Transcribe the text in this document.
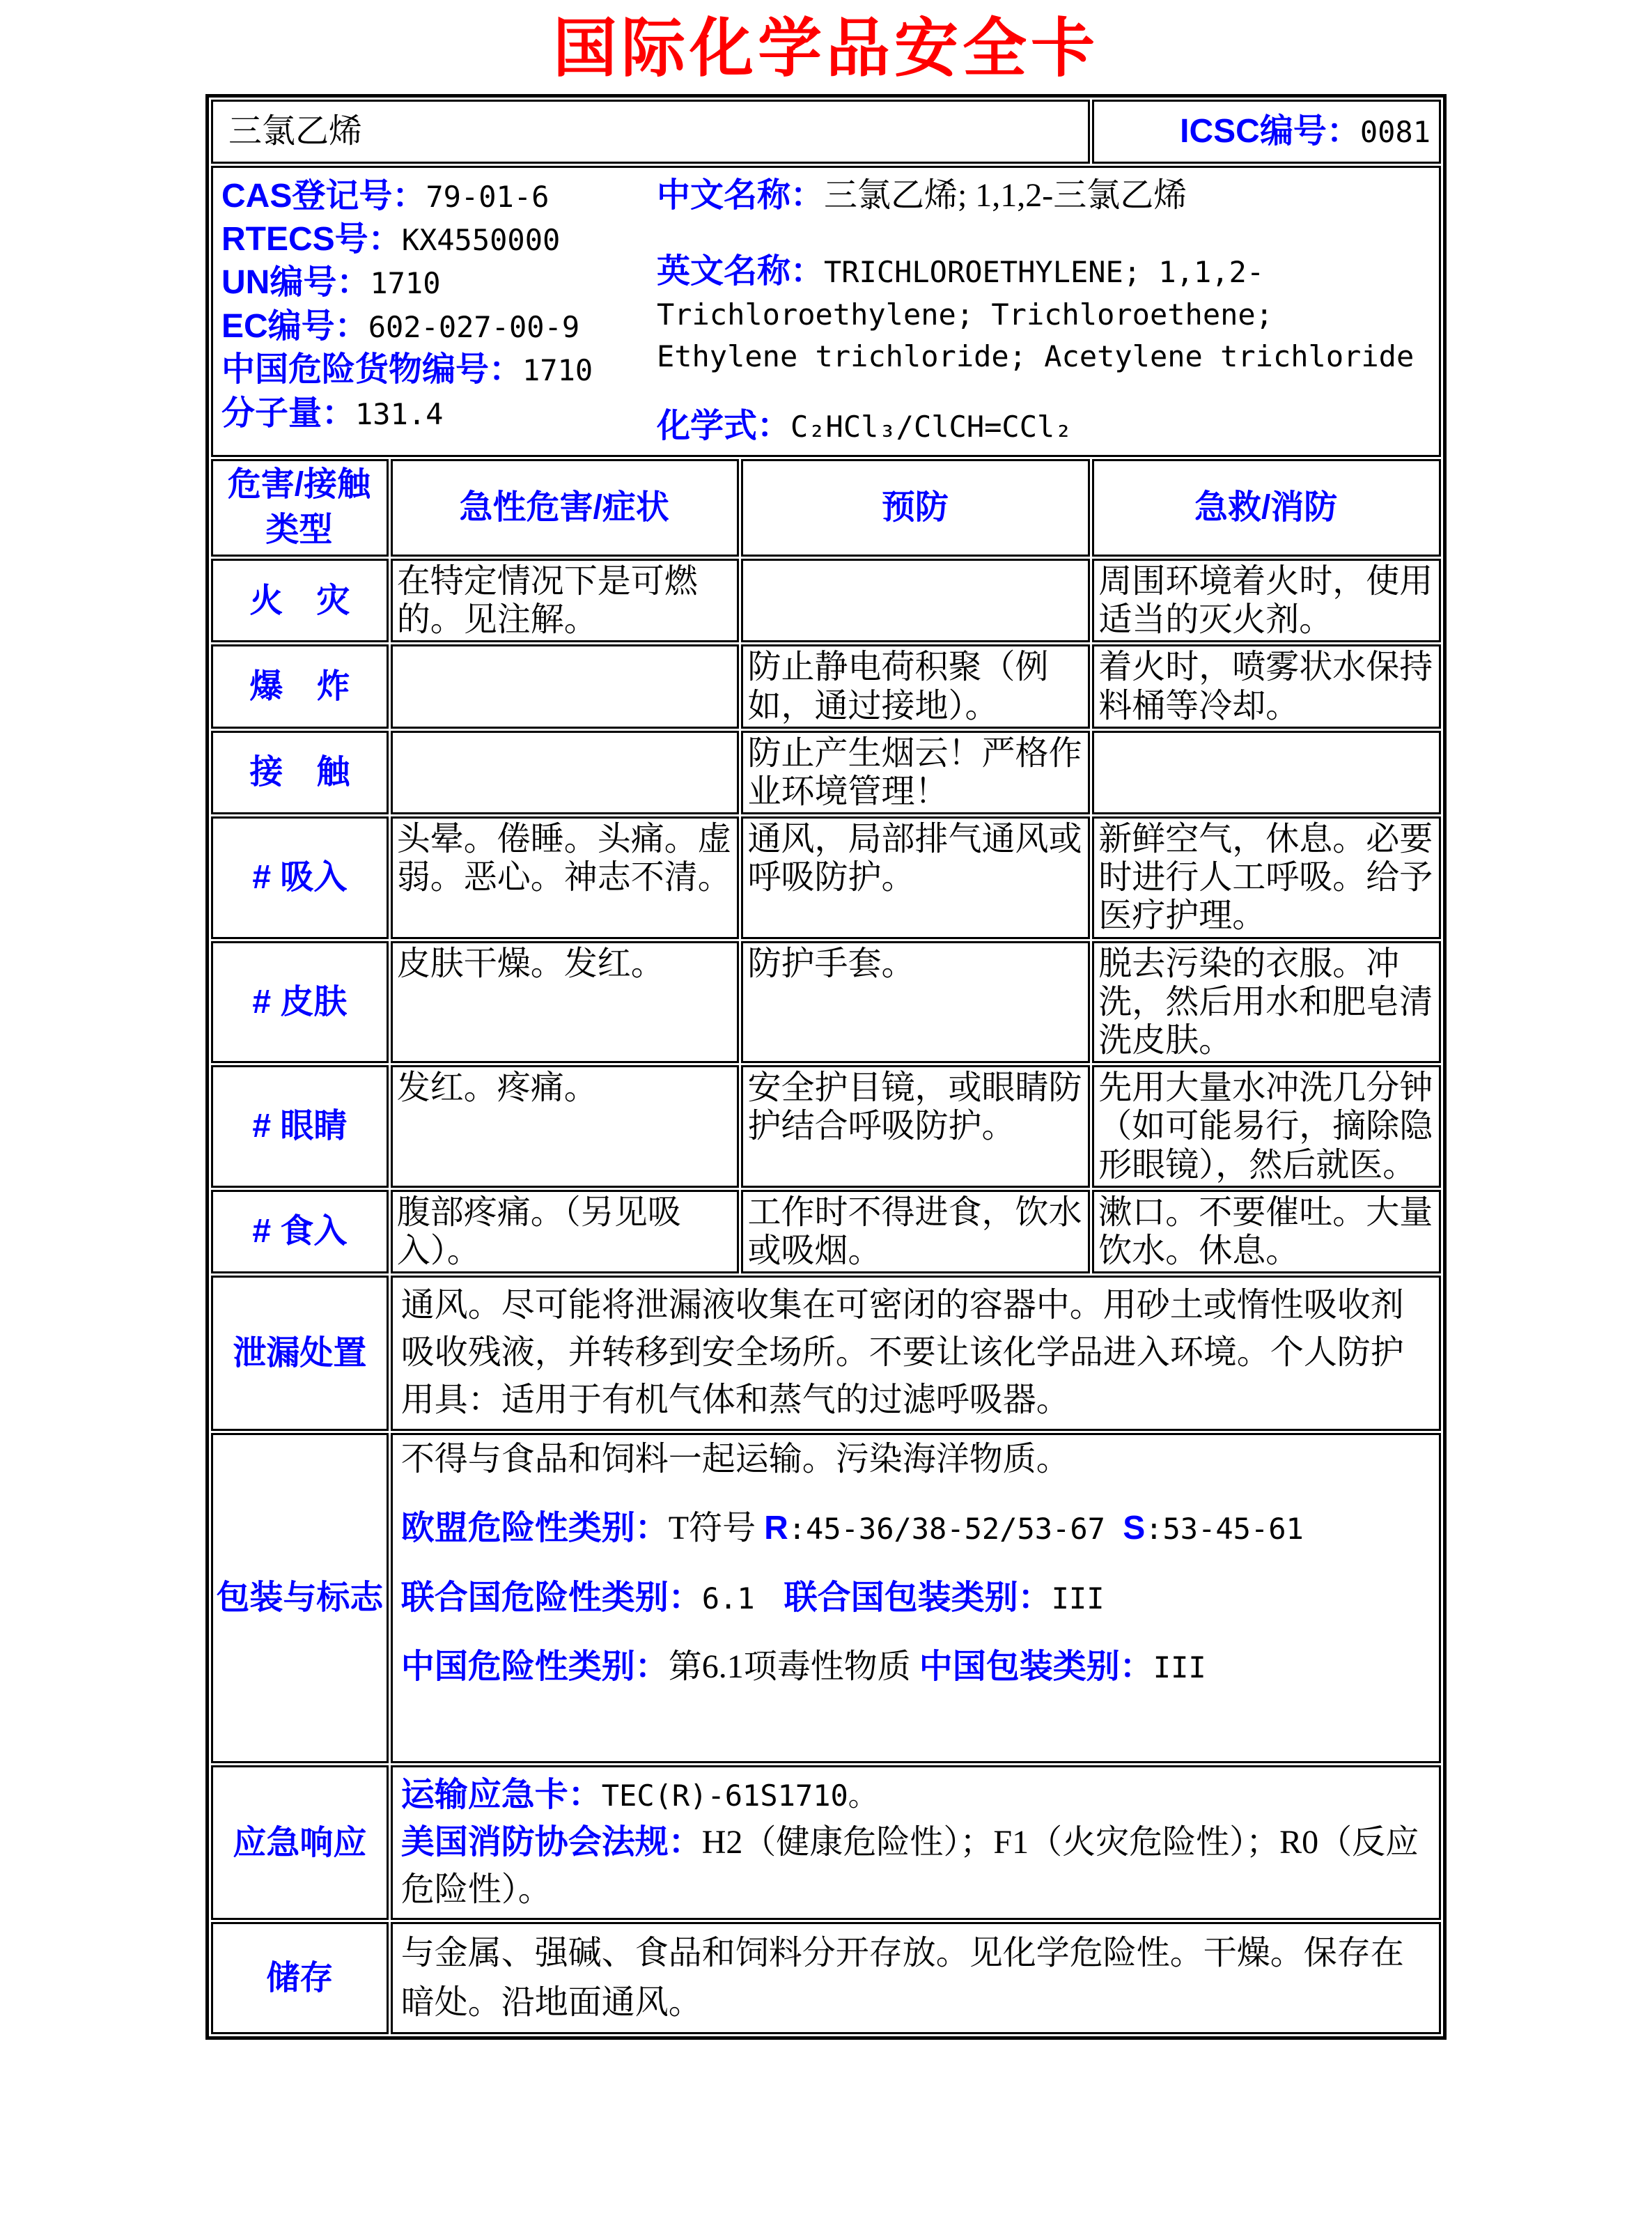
国际化学品安全卡
三氯乙烯			ICSC编号：0081

CAS登记号：79-01-6
RTECS号：KX4550000
UN编号：1710
EC编号：602-027-00-9
中国危险货物编号：1710
分子量：131.4

中文名称：三氯乙烯; 1,1,2-三氯乙烯

英文名称：TRICHLOROETHYLENE; 1,1,2-Trichloroethylene; Trichloroethene; Ethylene trichloride; Acetylene trichloride

化学式：C₂HCl₃/ClCH=CCl₂

危害/接触
类型	急性危害/症状	预防	急救/消防
火　灾	在特定情况下是可燃的。见注解。		周围环境着火时，使用适当的灭火剂。
爆　炸		防止静电荷积聚（例如，通过接地）。	着火时，喷雾状水保持料桶等冷却。
接　触		防止产生烟云！严格作业环境管理！	
# 吸入	头晕。倦睡。头痛。虚弱。恶心。神志不清。	通风，局部排气通风或呼吸防护。	新鲜空气，休息。必要时进行人工呼吸。给予医疗护理。
# 皮肤	皮肤干燥。发红。	防护手套。	脱去污染的衣服。冲洗，然后用水和肥皂清洗皮肤。
# 眼睛	发红。疼痛。	安全护目镜，或眼睛防护结合呼吸防护。	先用大量水冲洗几分钟（如可能易行，摘除隐形眼镜），然后就医。
# 食入	腹部疼痛。（另见吸入）。	工作时不得进食，饮水或吸烟。	漱口。不要催吐。大量饮水。休息。
泄漏处置	通风。尽可能将泄漏液收集在可密闭的容器中。用砂土或惰性吸收剂吸收残液，并转移到安全场所。不要让该化学品进入环境。个人防护用具：适用于有机气体和蒸气的过滤呼吸器。		
包装与标志	不得与食品和饲料一起运输。污染海洋物质。
欧盟危险性类别：T符号 R:45-36/38-52/53-67 S:53-45-61
联合国危险性类别：6.1　联合国包装类别：III
中国危险性类别：第6.1项毒性物质 中国包装类别：III		

应急响应	运输应急卡：TEC(R)-61S1710。

美国消防协会法规：H2（健康危险性）；F1（火灾危险性）；R0（反应危险性）。		

储存	与金属、强碱、食品和饲料分开存放。见化学危险性。干燥。保存在暗处。沿地面通风。		
